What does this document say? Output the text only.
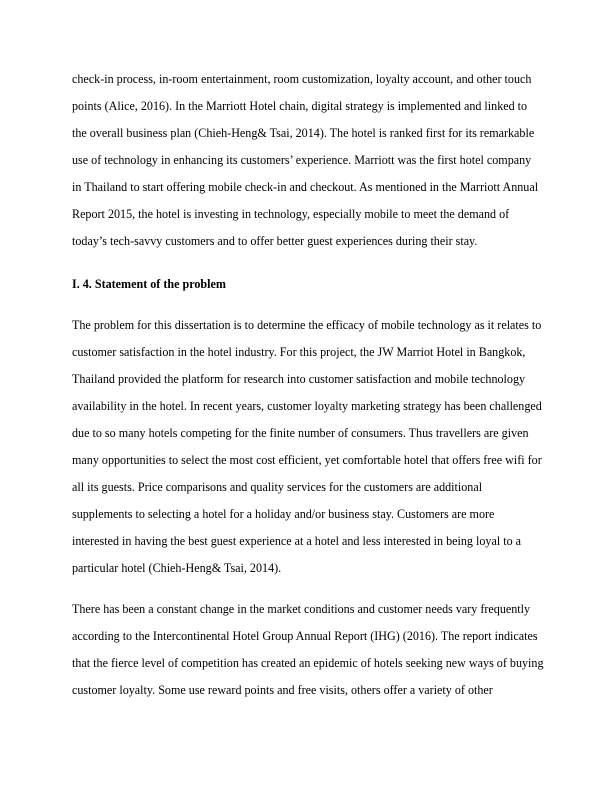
check-in process, in-room entertainment, room customization, loyalty account, and other touch
points (Alice, 2016). In the Marriott Hotel chain, digital strategy is implemented and linked to
the overall business plan (Chieh-Heng& Tsai, 2014). The hotel is ranked first for its remarkable
use of technology in enhancing its customers’ experience. Marriott was the first hotel company
in Thailand to start offering mobile check-in and checkout. As mentioned in the Marriott Annual
Report 2015, the hotel is investing in technology, especially mobile to meet the demand of
today’s tech-savvy customers and to offer better guest experiences during their stay.
I. 4. Statement of the problem
The problem for this dissertation is to determine the efficacy of mobile technology as it relates to
customer satisfaction in the hotel industry. For this project, the JW Marriot Hotel in Bangkok,
Thailand provided the platform for research into customer satisfaction and mobile technology
availability in the hotel. In recent years, customer loyalty marketing strategy has been challenged
due to so many hotels competing for the finite number of consumers. Thus travellers are given
many opportunities to select the most cost efficient, yet comfortable hotel that offers free wifi for
all its guests. Price comparisons and quality services for the customers are additional
supplements to selecting a hotel for a holiday and/or business stay. Customers are more
interested in having the best guest experience at a hotel and less interested in being loyal to a
particular hotel (Chieh-Heng& Tsai, 2014).
There has been a constant change in the market conditions and customer needs vary frequently
according to the Intercontinental Hotel Group Annual Report (IHG) (2016). The report indicates
that the fierce level of competition has created an epidemic of hotels seeking new ways of buying
customer loyalty. Some use reward points and free visits, others offer a variety of other
